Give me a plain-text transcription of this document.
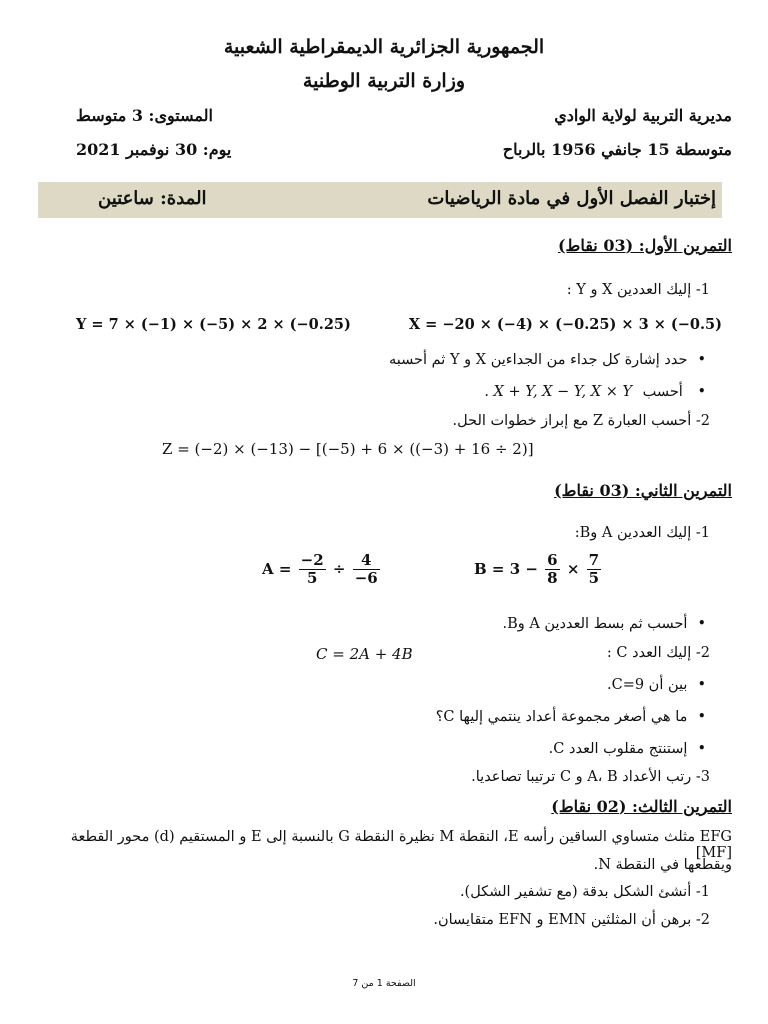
الجمهورية الجزائرية الديمقراطية الشعبية
وزارة التربية الوطنية
مديرية التربية لولاية الوادي
المستوى: 3 متوسط
متوسطة 15 جانفي 1956 بالرباح
يوم: 30 نوفمبر 2021
إختبار الفصل الأول في مادة الرياضيات
المدة: ساعتين
التمرين الأول: (03 نقاط)
1- إليك العددين X و Y :
X = −20 × (−4) × (−0.25) × 3 × (−0.5)
Y = 7 × (−1) × (−5) × 2 × (−0.25)
• حدد إشارة كل جداء من الجداءين X و Y ثم أحسبه
• أحسب X + Y, X − Y, X × Y .
2- أحسب العبارة Z مع إبراز خطوات الحل.
Z = (−2) × (−13) − [(−5) + 6 × ((−3) + 16 ÷ 2)]
التمرين الثاني: (03 نقاط)
1- إليك العددين A وB:
$A = \frac{-2}{5} \div \frac{4}{-6}$	$B = 3 - \frac{6}{8} \times \frac{7}{5}$
• أحسب ثم بسط العددين A وB.
2- إليك العدد C :
C = 2A + 4B
• بين أن C=9.
• ما هي أصغر مجموعة أعداد ينتمي إليها C؟
• إستنتج مقلوب العدد C.
3- رتب الأعداد A، B و C ترتيبا تصاعديا.
التمرين الثالث: (02 نقاط)
EFG مثلث متساوي الساقين رأسه E، النقطة M نظيرة النقطة G بالنسبة إلى E و المستقيم (d) محور القطعة [MF]
ويقطعها في النقطة N.
1- أنشئ الشكل بدقة (مع تشفير الشكل).
2- برهن أن المثلثين EMN و EFN متقايسان.
الصفحة 1 من 7
